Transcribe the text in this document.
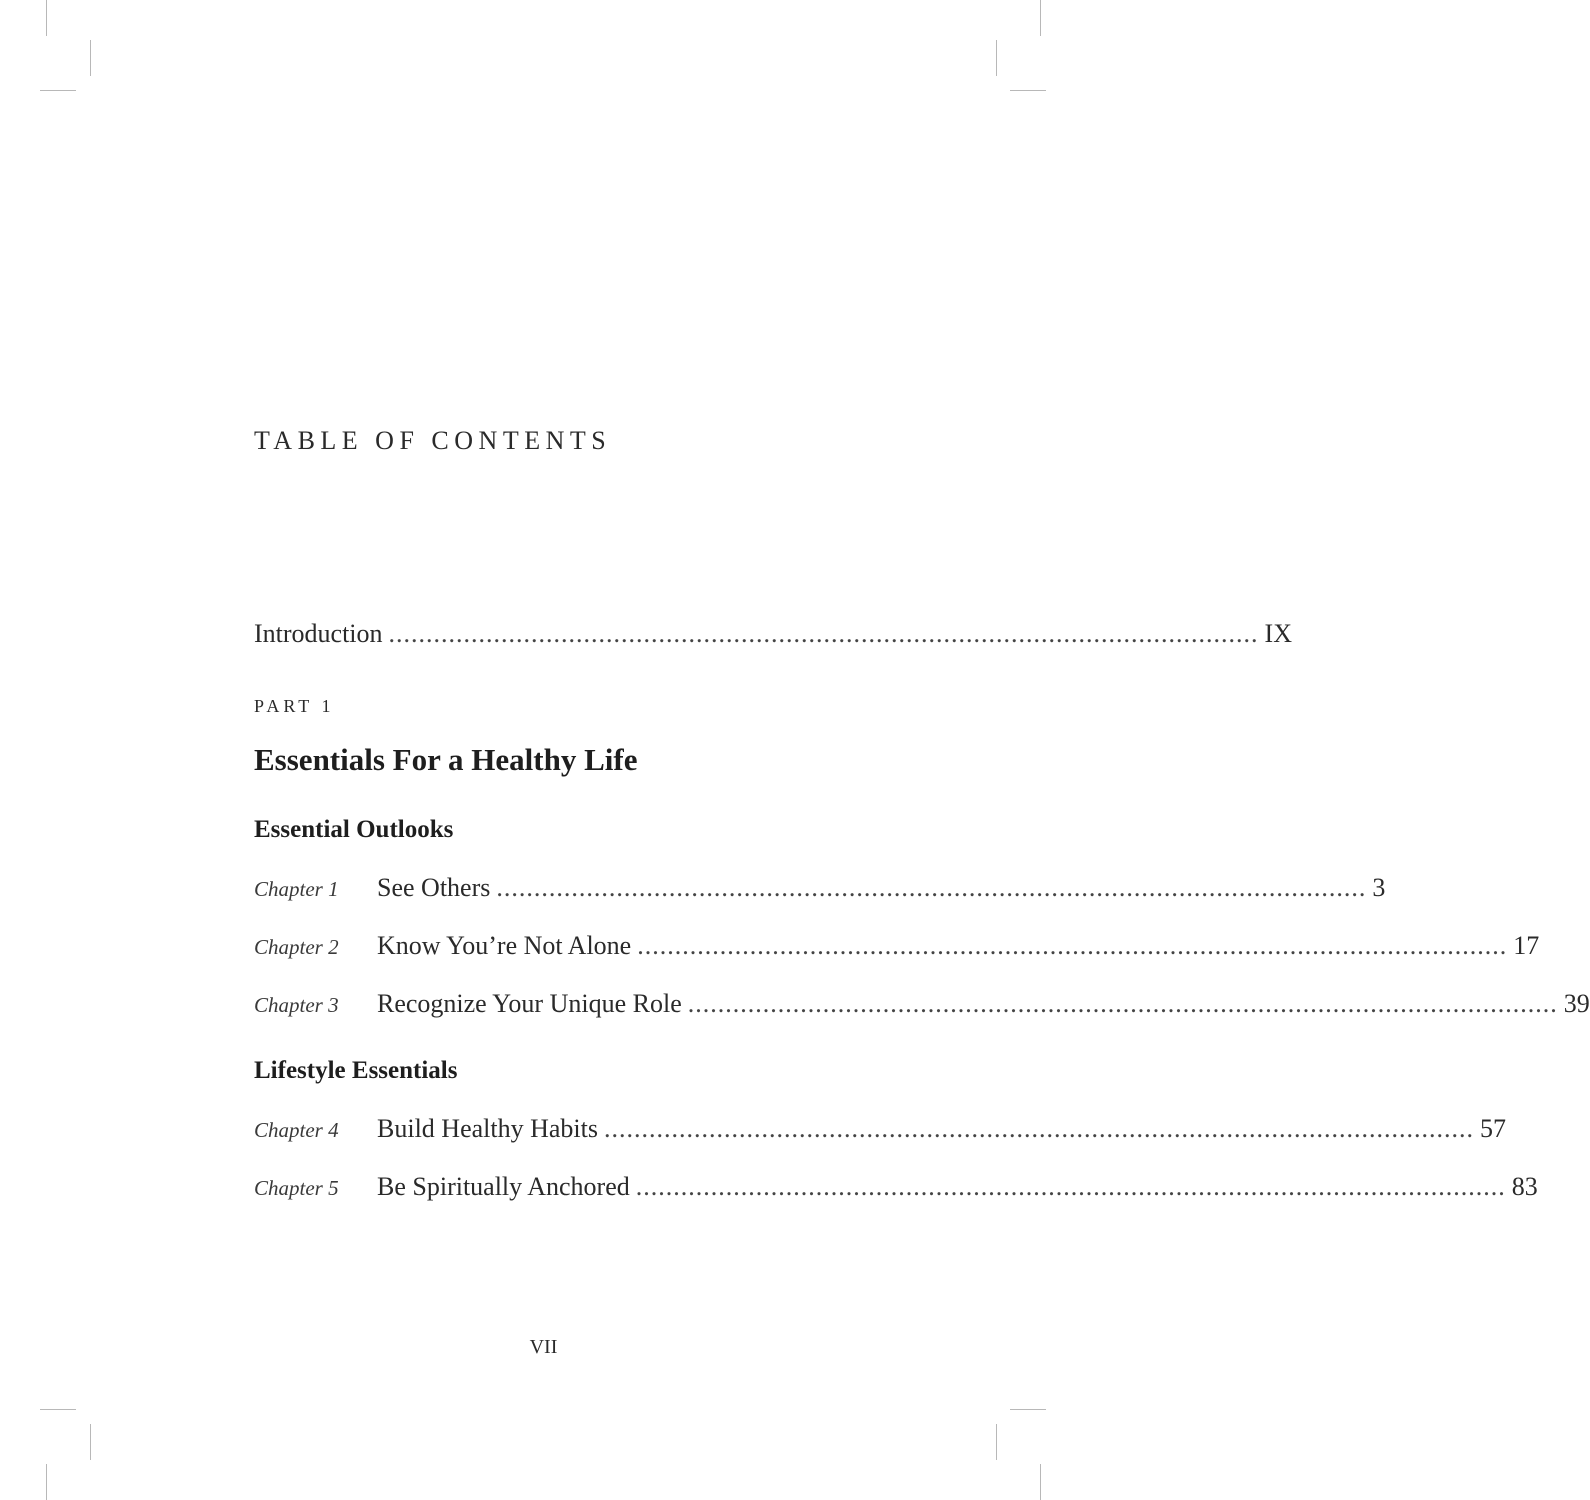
TABLE OF CONTENTS
Introduction .................................................................................................................... IX
PART 1
Essentials For a Healthy Life
Essential Outlooks
Chapter 1	See Others .................................................................................................................... 3
Chapter 2	Know You’re Not Alone .................................................................................................................... 17
Chapter 3	Recognize Your Unique Role .................................................................................................................... 39
Lifestyle Essentials
Chapter 4	Build Healthy Habits .................................................................................................................... 57
Chapter 5	Be Spiritually Anchored .................................................................................................................... 83
VII
